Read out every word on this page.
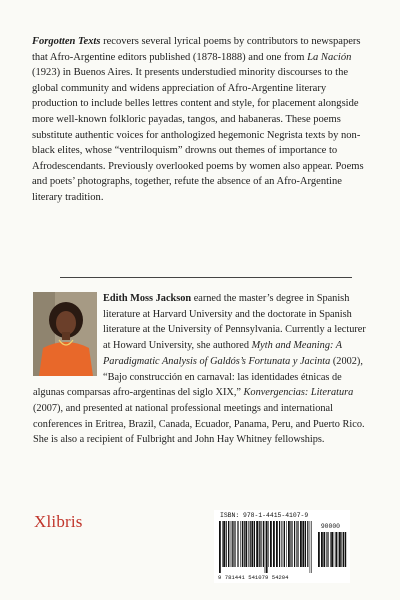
Forgotten Texts recovers several lyrical poems by contributors to newspapers that Afro-Argentine editors published (1878-1888) and one from La Nación (1923) in Buenos Aires. It presents understudied minority discourses to the global community and widens appreciation of Afro-Argentine literary production to include belles lettres content and style, for placement alongside more well-known folkloric payadas, tangos, and habaneras. These poems substitute authentic voices for anthologized hegemonic Negrista texts by non-black elites, whose “ventriloquism” drowns out themes of importance to Afrodescendants. Previously overlooked poems by women also appear. Poems and poets’ photographs, together, refute the absence of an Afro-Argentine literary tradition.
Edith Moss Jackson earned the master’s degree in Spanish literature at Harvard University and the doctorate in Spanish literature at the University of Pennsylvania. Currently a lecturer at Howard University, she authored Myth and Meaning: A Paradigmatic Analysis of Galdós’s Fortunata y Jacinta (2002), “Bajo construcción en carnaval: las identidades étnicas de algunas comparsas afro-argentinas del siglo XIX,” Konvergencias: Literatura (2007), and presented at national professional meetings and international conferences in Eritrea, Brazil, Canada, Ecuador, Panama, Peru, and Puerto Rico. She is also a recipient of Fulbright and John Hay Whitney fellowships.
Xlibris	ISBN: 978-1-4415-4107-9
90000
9 781441 541079 54204
